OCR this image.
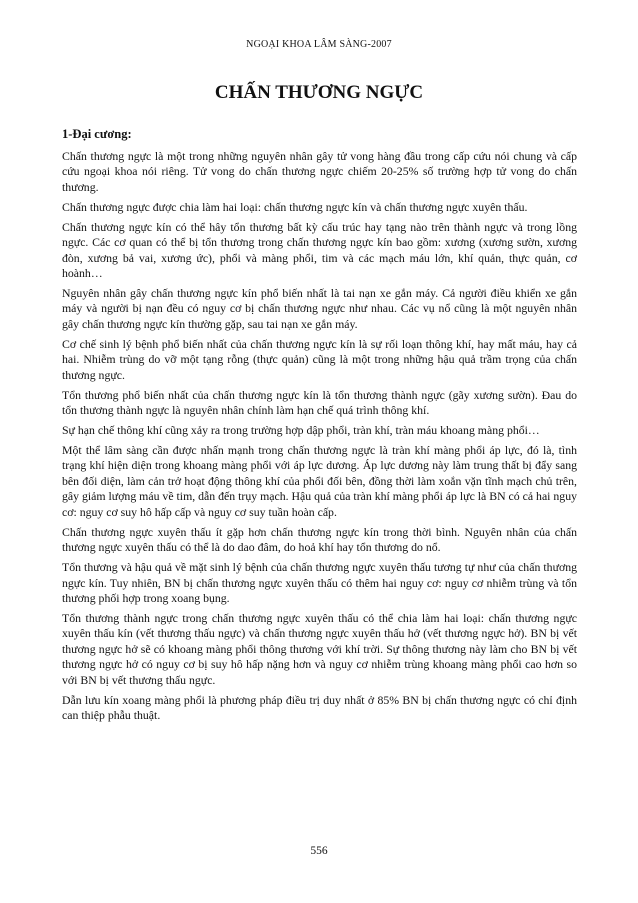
NGOẠI KHOA LÂM SÀNG-2007
CHẤN THƯƠNG NGỰC
1-Đại cương:

Chấn thương ngực là một trong những nguyên nhân gây tử vong hàng đầu trong cấp cứu nói chung và cấp cứu ngoại khoa nói riêng. Tử vong do chấn thương ngực chiếm 20-25% số trường hợp tử vong do chấn thương.

Chấn thương ngực được chia làm hai loại: chấn thương ngực kín và chấn thương ngực xuyên thấu.

Chấn thương ngực kín có thể hây tổn thương bất kỳ cấu trúc hay tạng nào trên thành ngực và trong lồng ngực. Các cơ quan có thể bị tổn thương trong chấn thương ngực kín bao gồm: xương (xương sườn, xương đòn, xương bả vai, xương ức), phổi và màng phổi, tim và các mạch máu lớn, khí quản, thực quản, cơ hoành…

Nguyên nhân gây chấn thương ngực kín phổ biến nhất là tai nạn xe gắn máy. Cả người điều khiển xe gắn máy và người bị nạn đều có nguy cơ bị chấn thương ngực như nhau. Các vụ nổ cũng là một nguyên nhân gây chấn thương ngực kín thường gặp, sau tai nạn xe gắn máy.

Cơ chế sinh lý bệnh phổ biến nhất của chấn thương ngực kín là sự rối loạn thông khí, hay mất máu, hay cả hai. Nhiễm trùng do vỡ một tạng rỗng (thực quản) cũng là một trong những hậu quả trầm trọng của chấn thương ngực.

Tổn thương phổ biến nhất của chấn thương ngực kín là tổn thương thành ngực (gãy xương sườn). Đau do tổn thương thành ngực là nguyên nhân chính làm hạn chế quá trình thông khí.

Sự hạn chế thông khí cũng xảy ra trong trường hợp dập phổi, tràn khí, tràn máu khoang màng phổi…

Một thể lâm sàng cần được nhấn mạnh trong chấn thương ngực là tràn khí màng phổi áp lực, đó là, tình trạng khí hiện diện trong khoang màng phổi với áp lực dương. Áp lực dương này làm trung thất bị đẩy sang bên đối diện, làm cản trở hoạt động thông khí của phổi đối bên, đồng thời làm xoắn vặn tĩnh mạch chủ trên, gây giảm lượng máu về tim, dẫn đến trụy mạch. Hậu quả của tràn khí màng phổi áp lực là BN có cả hai nguy cơ: nguy cơ suy hô hấp cấp và nguy cơ suy tuần hoàn cấp.

Chấn thương ngực xuyên thấu ít gặp hơn chấn thương ngực kín trong thời bình. Nguyên nhân của chấn thương ngực xuyên thấu có thể là do dao đâm, do hoả khí hay tổn thương do nổ.

Tổn thương và hậu quả về mặt sinh lý bệnh của chấn thương ngực xuyên thấu tương tự như của chấn thương ngực kín. Tuy nhiên, BN bị chấn thương ngực xuyên thấu có thêm hai nguy cơ: nguy cơ nhiễm trùng và tổn thương phối hợp trong xoang bụng.

Tổn thương thành ngực trong chấn thương ngực xuyên thấu có thể chia làm hai loại: chấn thương ngực xuyên thấu kín (vết thương thấu ngực) và chấn thương ngực xuyên thấu hở (vết thương ngực hở). BN bị vết thương ngực hở sẽ có khoang màng phổi thông thương với khí trời. Sự thông thương này làm cho BN bị vết thương ngực hở có nguy cơ bị suy hô hấp nặng hơn và nguy cơ nhiễm trùng khoang màng phổi cao hơn so với BN bị vết thương thấu ngực.

Dẫn lưu kín xoang màng phổi là phương pháp điều trị duy nhất ở 85% BN bị chấn thương ngực có chỉ định can thiệp phẫu thuật.

556
